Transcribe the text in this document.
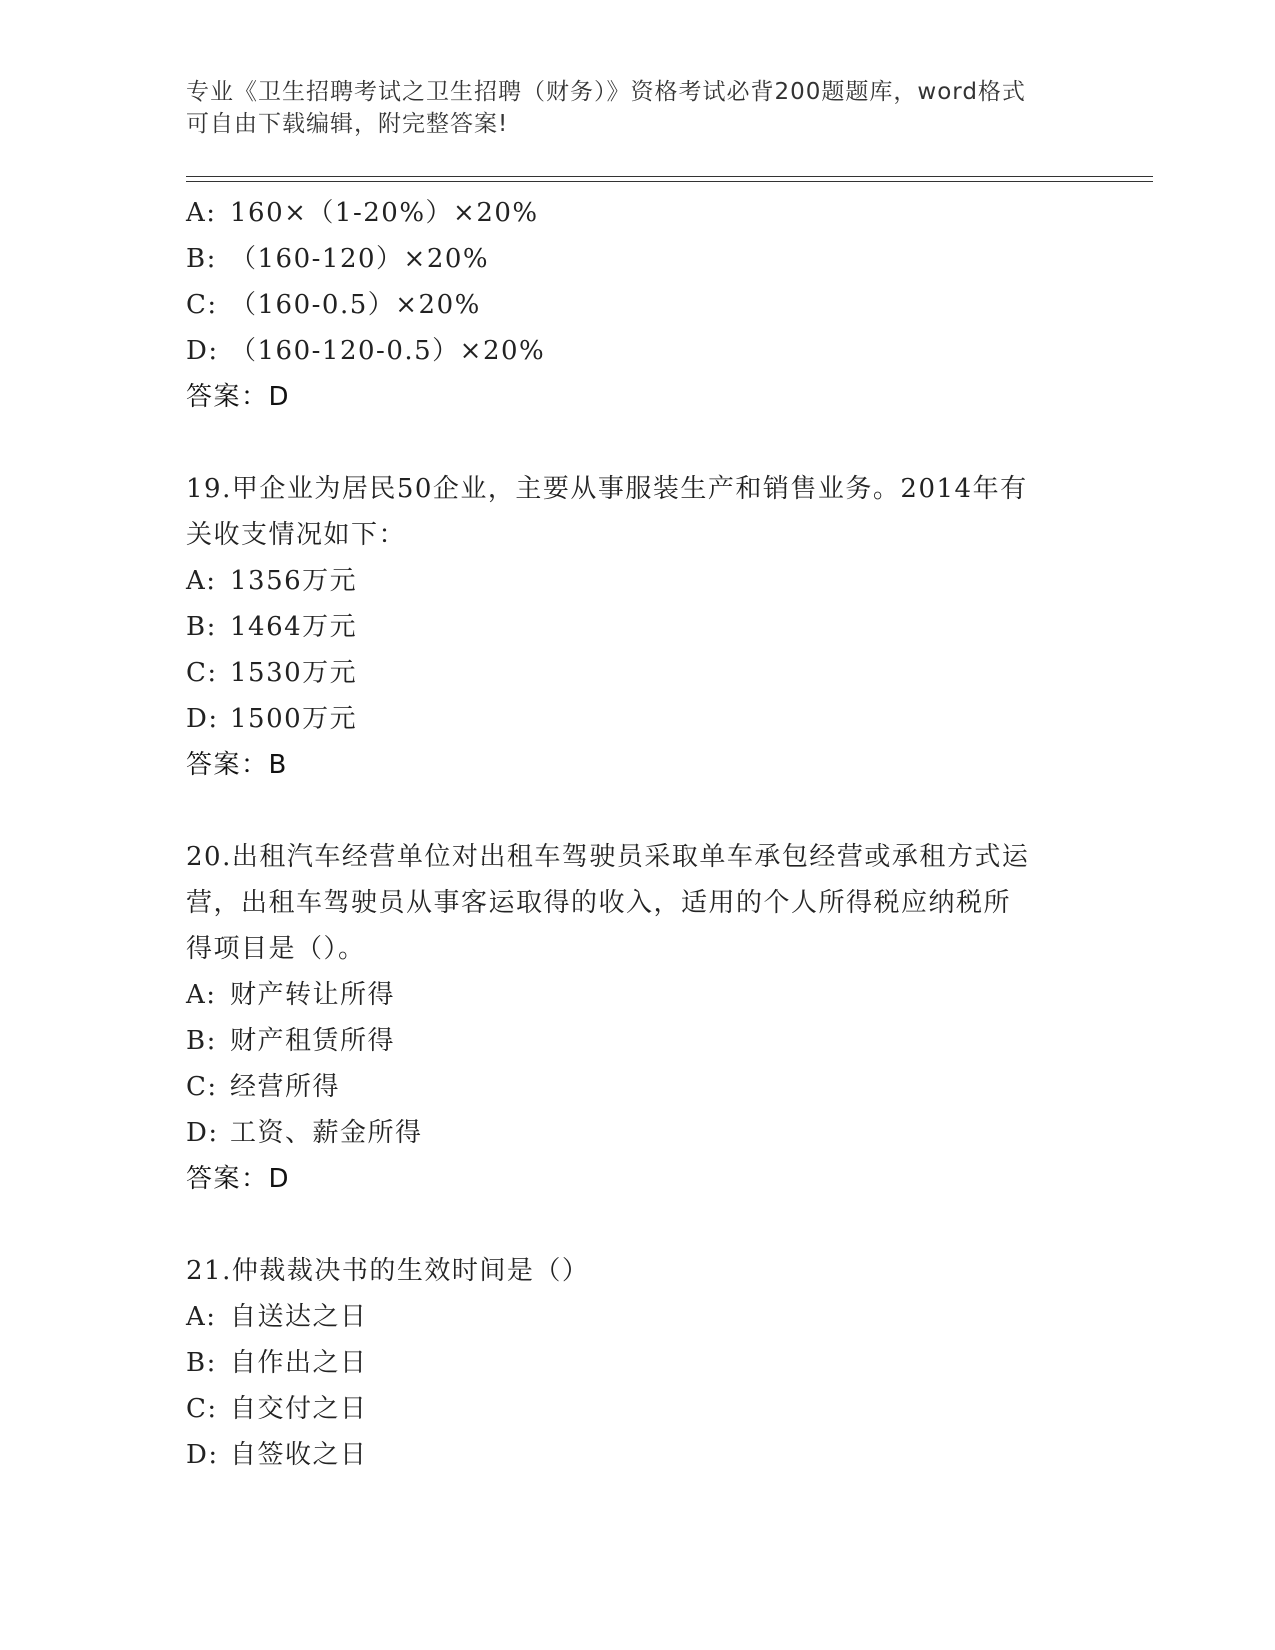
专业《卫生招聘考试之卫生招聘（财务）》资格考试必背200题题库，word格式
可自由下载编辑，附完整答案!
A: 160×（1-20%）×20%
B: （160-120）×20%
C: （160-0.5）×20%
D: （160-120-0.5）×20%
答案：D
19.甲企业为居民50企业，主要从事服装生产和销售业务。2014年有
关收支情况如下：
A: 1356万元
B: 1464万元
C: 1530万元
D: 1500万元
答案：B
20.出租汽车经营单位对出租车驾驶员采取单车承包经营或承租方式运
营，出租车驾驶员从事客运取得的收入，适用的个人所得税应纳税所
得项目是（）。
A: 财产转让所得
B: 财产租赁所得
C: 经营所得
D: 工资、薪金所得
答案：D
21.仲裁裁决书的生效时间是（）
A: 自送达之日
B: 自作出之日
C: 自交付之日
D: 自签收之日
